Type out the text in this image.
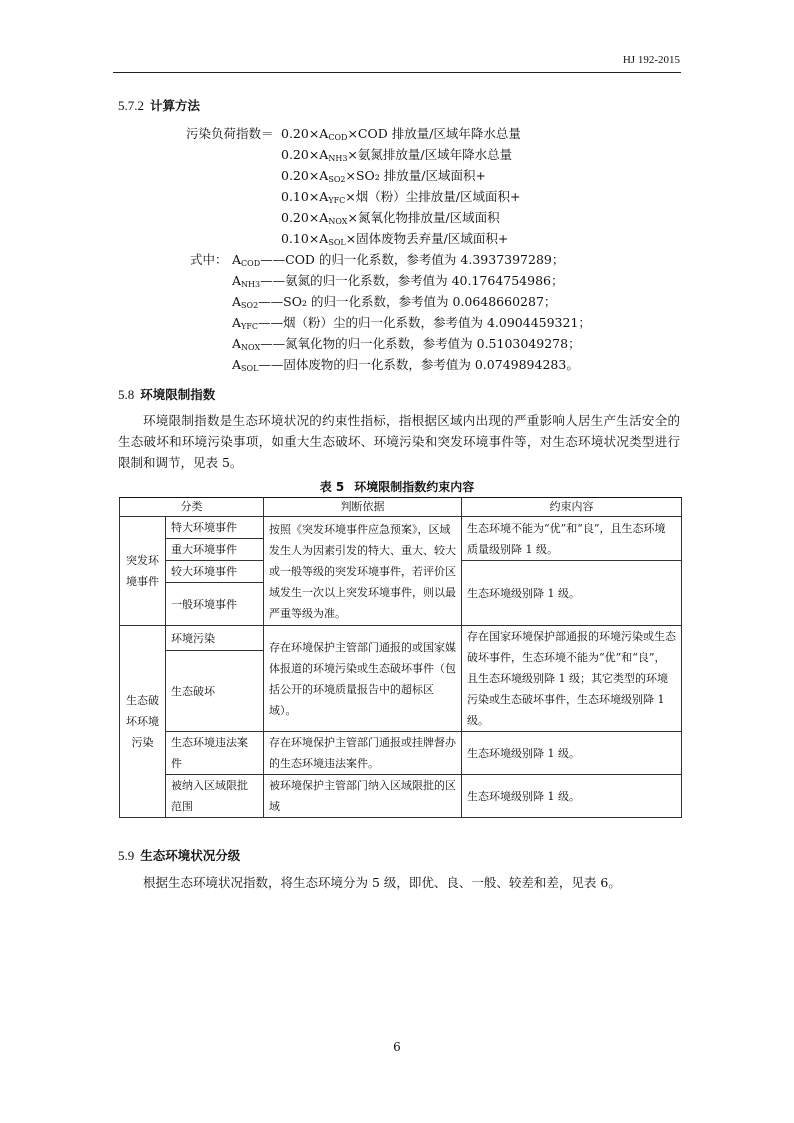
HJ 192-2015
5.7.2 计算方法
污染负荷指数＝ $0.20\times A_{COD}\times COD$ 排放量/区域年降水总量
$0.20\times A_{NH3}\times$氨氮排放量/区域年降水总量
$0.20\times A_{SO2}\times SO_2$ 排放量/区域面积+
$0.10\times A_{YFC}\times$烟（粉）尘排放量/区域面积+
$0.20\times A_{NOX}\times$氮氧化物排放量/区域面积
$0.10\times A_{SOL}\times$固体废物丢弃量/区域面积+
式中： $A_{COD}——COD$ 的归一化系数，参考值为 4.3937397289；
$A_{NH3}——$氨氮的归一化系数，参考值为 40.1764754986；
$A_{SO2}——SO_2$ 的归一化系数，参考值为 0.0648660287；
$A_{YFC}——$烟（粉）尘的归一化系数，参考值为 4.0904459321；
$A_{NOX}——$氮氧化物的归一化系数，参考值为 0.5103049278；
$A_{SOL}——$固体废物的归一化系数，参考值为 0.0749894283。
5.8 环境限制指数

环境限制指数是生态环境状况的约束性指标，指根据区域内出现的严重影响人居生产生活安全的生态破坏和环境污染事项，如重大生态破坏、环境污染和突发环境事件等，对生态环境状况类型进行限制和调节，见表 5。

表 5 环境限制指数约束内容
分类		判断依据	约束内容
突发环境事件	特大环境事件	按照《突发环境事件应急预案》，区域发生人为因素引发的特大、重大、较大或一般等级的突发环境事件，若评价区域发生一次以上突发环境事件，则以最严重等级为准。	生态环境不能为“优”和“良”，且生态环境质量级别降 1 级。
	重大环境事件		
	较大环境事件		生态环境级别降 1 级。
	一般环境事件		
生态破坏环境污染	环境污染	存在环境保护主管部门通报的或国家媒体报道的环境污染或生态破坏事件（包括公开的环境质量报告中的超标区域）。	存在国家环境保护部通报的环境污染或生态破坏事件，生态环境不能为“优”和“良”，且生态环境级别降 1 级；其它类型的环境污染或生态破坏事件，生态环境级别降 1 级。
	生态破坏		
	生态环境违法案件	存在环境保护主管部门通报或挂牌督办的生态环境违法案件。	生态环境级别降 1 级。
	被纳入区域限批范围	被环境保护主管部门纳入区域限批的区域	生态环境级别降 1 级。
5.9 生态环境状况分级

根据生态环境状况指数，将生态环境分为 5 级，即优、良、一般、较差和差，见表 6。

6
